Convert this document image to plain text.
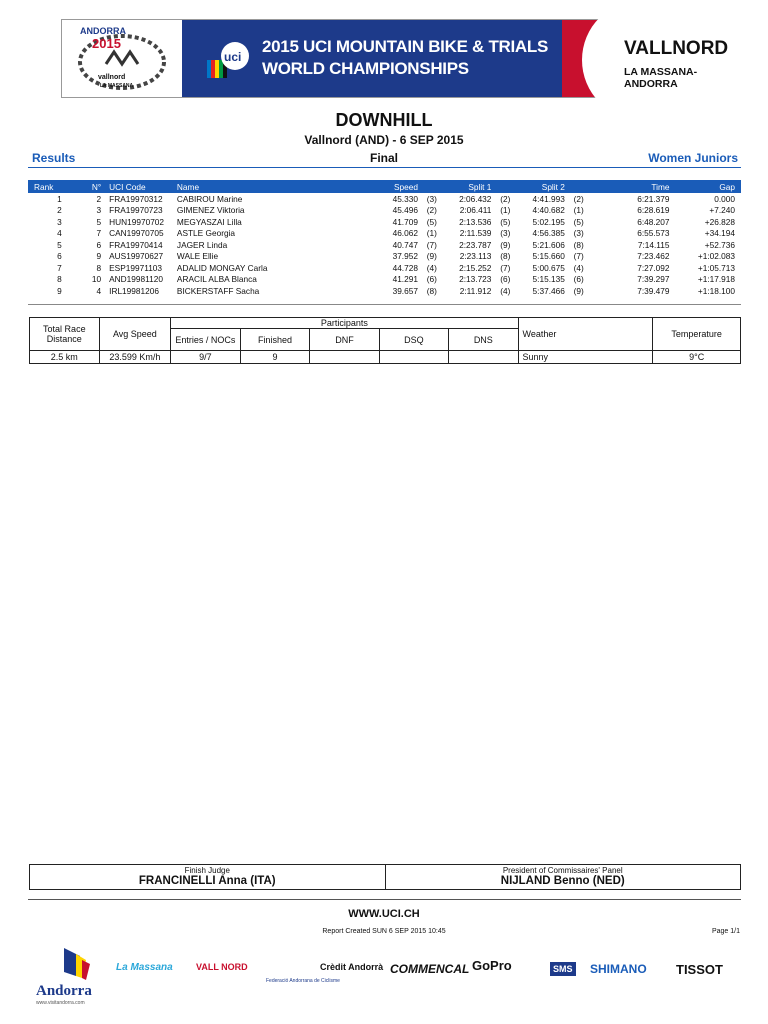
ANDORRA
2015
vallnord
LA MASSANA
uci
2015 UCI MOUNTAIN BIKE & TRIALS
WORLD CHAMPIONSHIPS
VALLNORD
LA MASSANA-ANDORRA
DOWNHILL
Vallnord (AND) - 6 SEP 2015
Final
Results	Women Juniors
Rank	N°	UCI Code	Name	Speed		Split 1		Split 2		Time	Gap
1	2	FRA19970312	CABIROU Marine	45.330	(3)	2:06.432	(2)	4:41.993	(2)	6:21.379	0.000
2	3	FRA19970723	GIMENEZ Viktoria	45.496	(2)	2:06.411	(1)	4:40.682	(1)	6:28.619	+7.240
3	5	HUN19970702	MEGYASZAI Lilla	41.709	(5)	2:13.536	(5)	5:02.195	(5)	6:48.207	+26.828
4	7	CAN19970705	ASTLE Georgia	46.062	(1)	2:11.539	(3)	4:56.385	(3)	6:55.573	+34.194
5	6	FRA19970414	JAGER Linda	40.747	(7)	2:23.787	(9)	5:21.606	(8)	7:14.115	+52.736
6	9	AUS19970627	WALE Ellie	37.952	(9)	2:23.113	(8)	5:15.660	(7)	7:23.462	+1:02.083
7	8	ESP19971103	ADALID MONGAY Carla	44.728	(4)	2:15.252	(7)	5:00.675	(4)	7:27.092	+1:05.713
8	10	AND19981120	ARACIL ALBA Blanca	41.291	(6)	2:13.723	(6)	5:15.135	(6)	7:39.297	+1:17.918
9	4	IRL19981206	BICKERSTAFF Sacha	39.657	(8)	2:11.912	(4)	5:37.466	(9)	7:39.479	+1:18.100
Total Race Distance	Avg Speed	Participants					Weather	Temperature
		Entries / NOCs	Finished	DNF	DSQ	DNS		
2.5 km	23.599 Km/h	9/7	9				Sunny	9°C
Finish Judge
FRANCINELLI Anna (ITA)
President of Commissaires' Panel
NIJLAND Benno (NED)
WWW.UCI.CH
Report Created SUN 6 SEP 2015 10:45	Page 1/1
Andorra
www.visitandorra.com
La Massana	VALL NORD
Federació Andorrana de Ciclisme
Crèdit Andorrà COMMENCAL GoPro	SMS SHIMANO TISSOT
